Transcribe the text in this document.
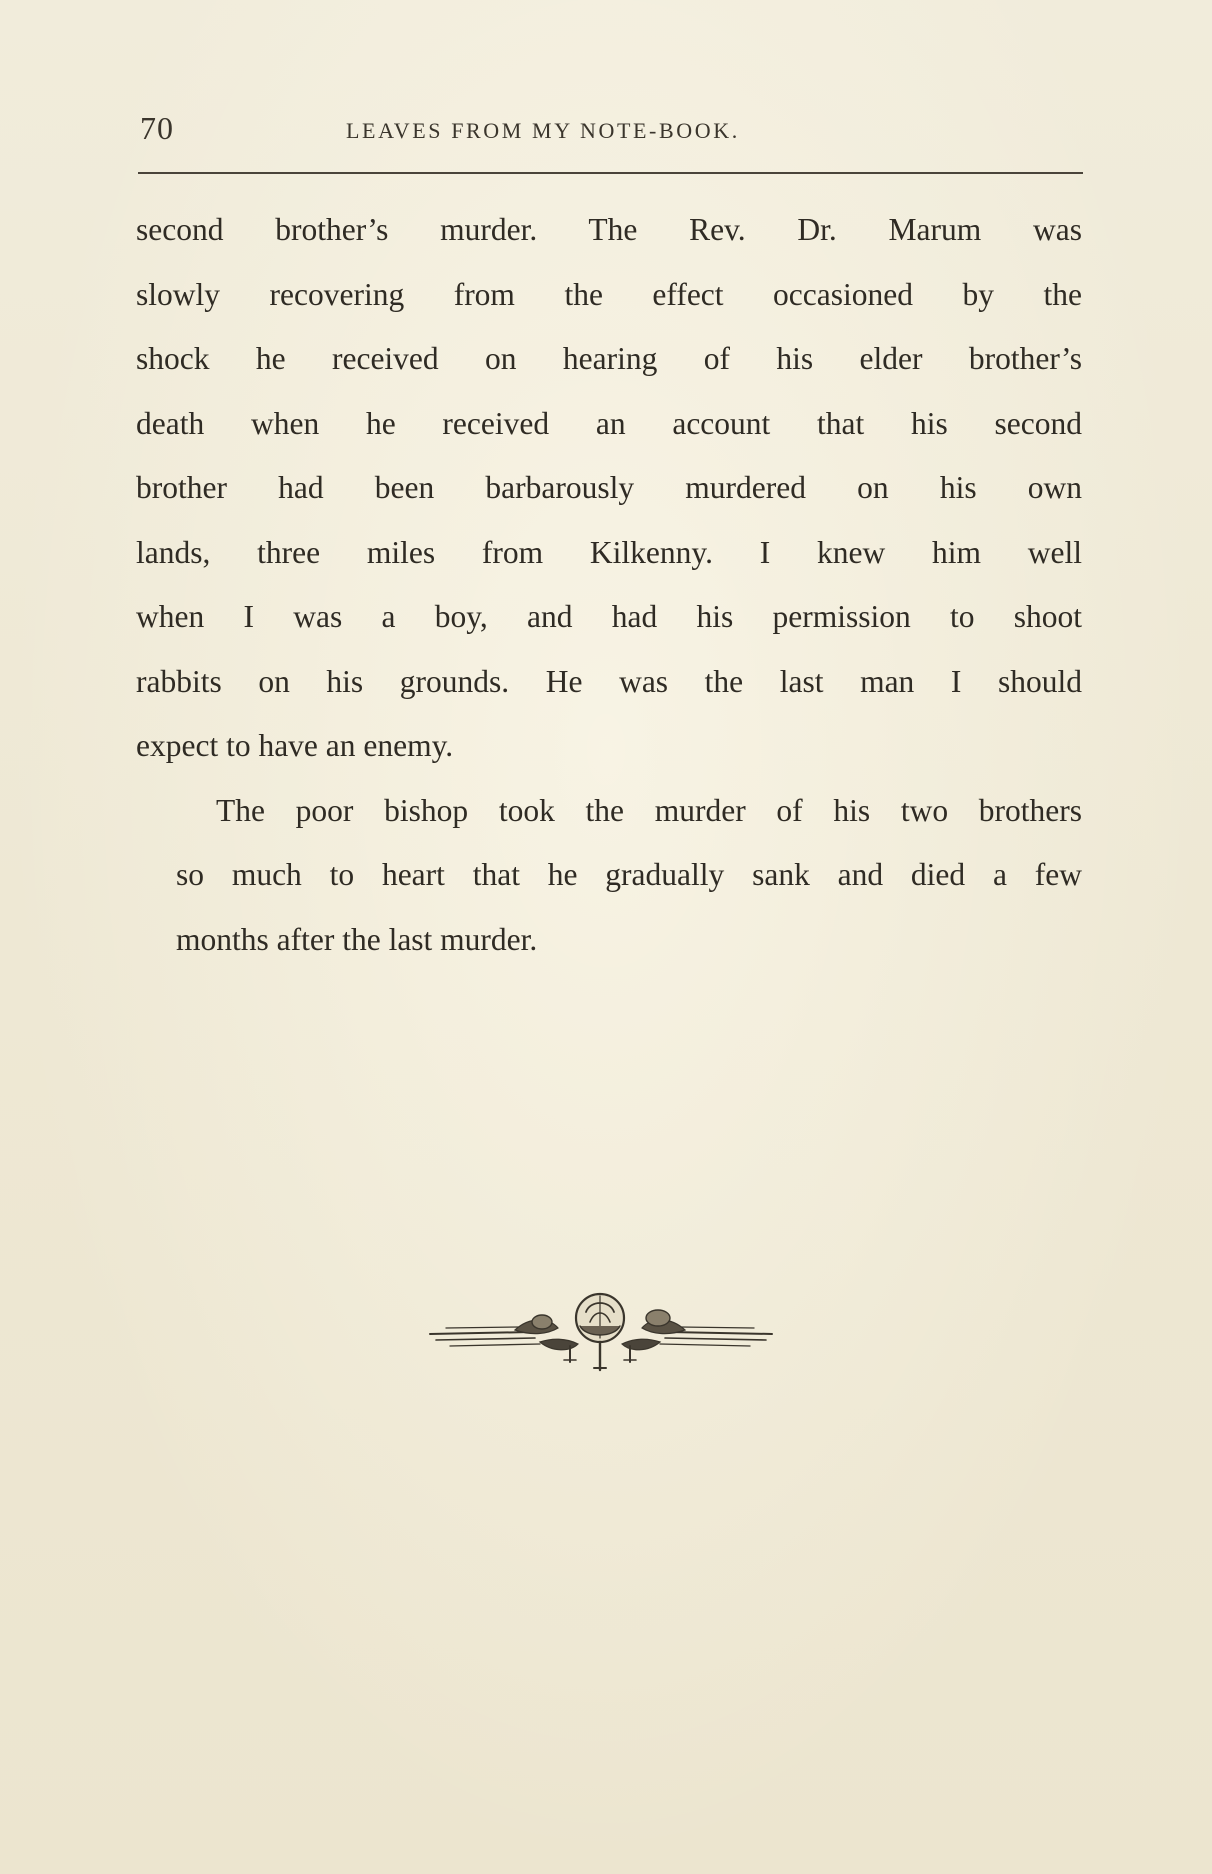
70	LEAVES FROM MY NOTE-BOOK.

second brother’s murder. The Rev. Dr. Marum was
slowly recovering from the effect occasioned by the
shock he received on hearing of his elder brother’s
death when he received an account that his second
brother had been barbarously murdered on his own
lands, three miles from Kilkenny. I knew him well
when I was a boy, and had his permission to shoot
rabbits on his grounds. He was the last man I should
expect to have an enemy.

The poor bishop took the murder of his two brothers
so much to heart that he gradually sank and died a few
months after the last murder.
